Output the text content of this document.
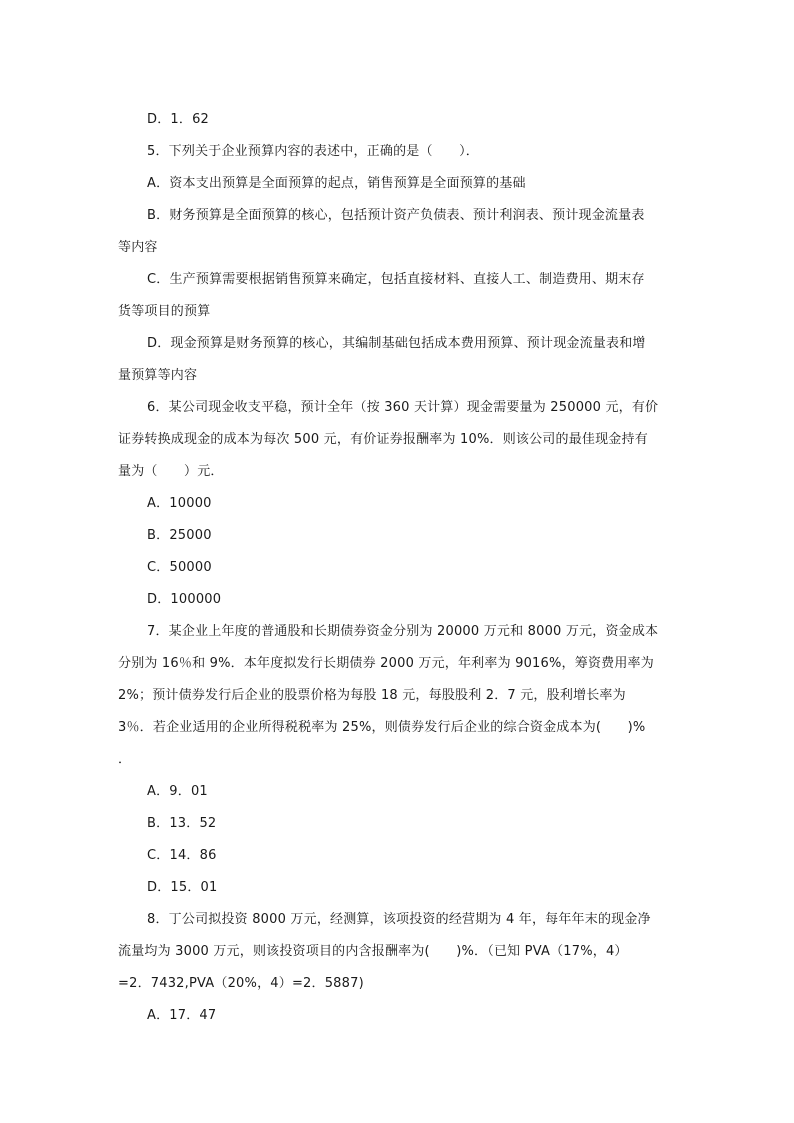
D．1．62
5．下列关于企业预算内容的表述中，正确的是（　　）．
A．资本支出预算是全面预算的起点，销售预算是全面预算的基础
B．财务预算是全面预算的核心，包括预计资产负债表、预计利润表、预计现金流量表
等内容
C．生产预算需要根据销售预算来确定，包括直接材料、直接人工、制造费用、期末存
货等项目的预算
D．现金预算是财务预算的核心，其编制基础包括成本费用预算、预计现金流量表和增
量预算等内容
6．某公司现金收支平稳，预计全年（按 360 天计算）现金需要量为 250000 元，有价
证券转换成现金的成本为每次 500 元，有价证券报酬率为 10%．则该公司的最佳现金持有
量为（　　）元．
A．10000
B．25000
C．50000
D．100000
7．某企业上年度的普通股和长期债券资金分别为 20000 万元和 8000 万元，资金成本
分别为 16％和 9%．本年度拟发行长期债券 2000 万元，年利率为 9016%，筹资费用率为
2%；预计债券发行后企业的股票价格为每股 18 元，每股股利 2．7 元，股利增长率为
3％．若企业适用的企业所得税税率为 25%，则债券发行后企业的综合资金成本为(　　)%
．
A．9．01
B．13．52
C．14．86
D．15．01
8．丁公司拟投资 8000 万元，经测算，该项投资的经营期为 4 年，每年年末的现金净
流量均为 3000 万元，则该投资项目的内含报酬率为(　　)%．（已知 PVA（17%，4）
=2．7432,PVA（20%，4）=2．5887)
A．17．47
